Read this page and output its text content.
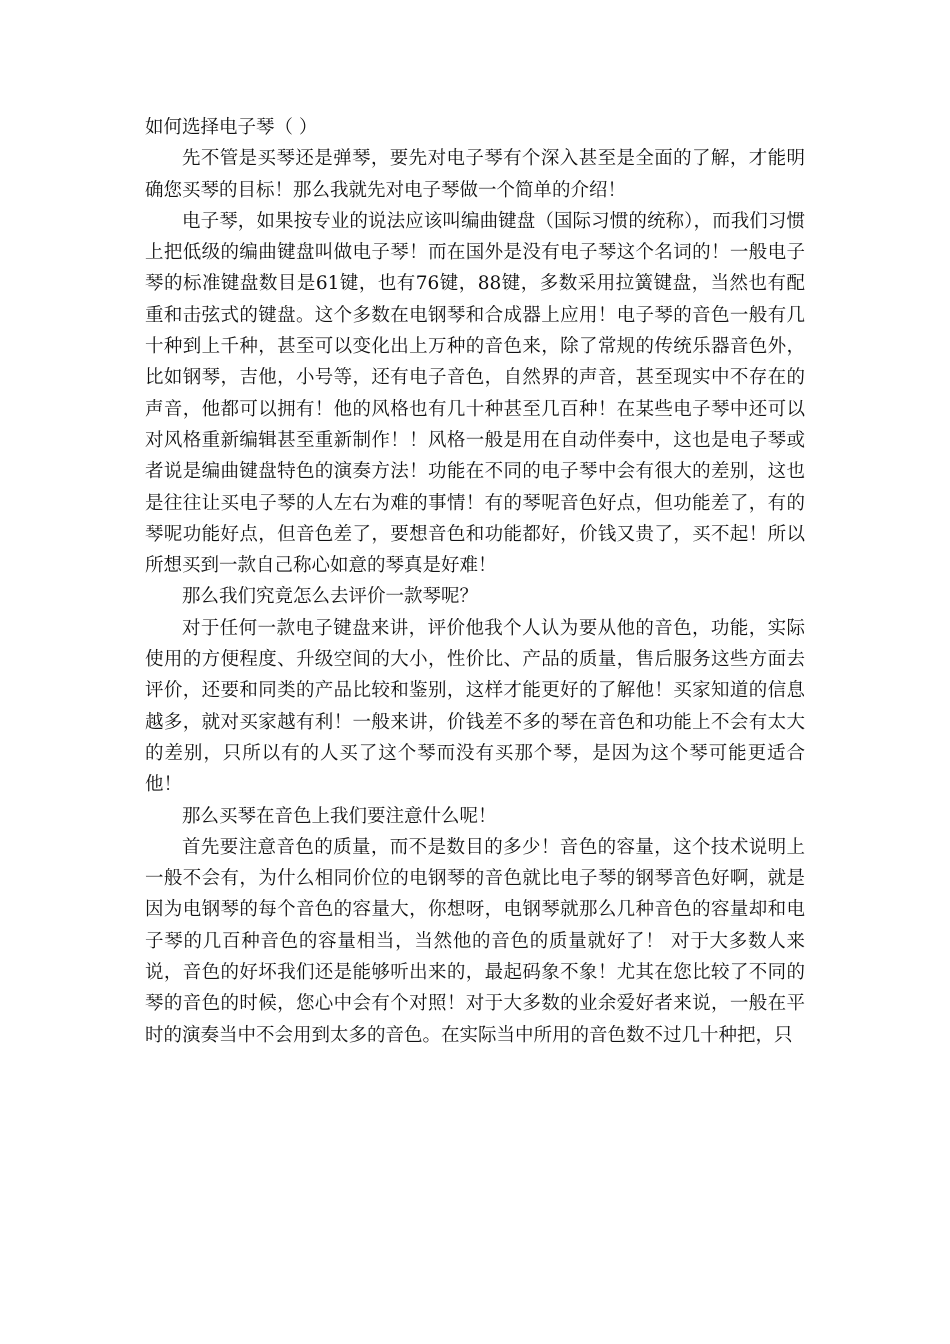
如何选择电子琴（ ）

先不管是买琴还是弹琴，要先对电子琴有个深入甚至是全面的了解，才能明确您买琴的目标！那么我就先对电子琴做一个简单的介绍！

电子琴，如果按专业的说法应该叫编曲键盘（国际习惯的统称），而我们习惯上把低级的编曲键盘叫做电子琴！而在国外是没有电子琴这个名词的！一般电子琴的标准键盘数目是61键，也有76键，88键，多数采用拉簧键盘，当然也有配重和击弦式的键盘。这个多数在电钢琴和合成器上应用！电子琴的音色一般有几十种到上千种，甚至可以变化出上万种的音色来，除了常规的传统乐器音色外，比如钢琴，吉他，小号等，还有电子音色，自然界的声音，甚至现实中不存在的声音，他都可以拥有！他的风格也有几十种甚至几百种！在某些电子琴中还可以对风格重新编辑甚至重新制作！！风格一般是用在自动伴奏中，这也是电子琴或者说是编曲键盘特色的演奏方法！功能在不同的电子琴中会有很大的差别，这也是往往让买电子琴的人左右为难的事情！有的琴呢音色好点，但功能差了，有的琴呢功能好点，但音色差了，要想音色和功能都好，价钱又贵了，买不起！所以所想买到一款自己称心如意的琴真是好难！

那么我们究竟怎么去评价一款琴呢？

对于任何一款电子键盘来讲，评价他我个人认为要从他的音色，功能，实际使用的方便程度、升级空间的大小，性价比、产品的质量，售后服务这些方面去评价，还要和同类的产品比较和鉴别，这样才能更好的了解他！买家知道的信息越多，就对买家越有利！一般来讲，价钱差不多的琴在音色和功能上不会有太大的差别，只所以有的人买了这个琴而没有买那个琴，是因为这个琴可能更适合他！

那么买琴在音色上我们要注意什么呢！

首先要注意音色的质量，而不是数目的多少！音色的容量，这个技术说明上一般不会有，为什么相同价位的电钢琴的音色就比电子琴的钢琴音色好啊，就是因为电钢琴的每个音色的容量大，你想呀，电钢琴就那么几种音色的容量却和电子琴的几百种音色的容量相当，当然他的音色的质量就好了！ 对于大多数人来说，音色的好坏我们还是能够听出来的，最起码象不象！尤其在您比较了不同的琴的音色的时候，您心中会有个对照！对于大多数的业余爱好者来说，一般在平时的演奏当中不会用到太多的音色。在实际当中所用的音色数不过几十种把，只
